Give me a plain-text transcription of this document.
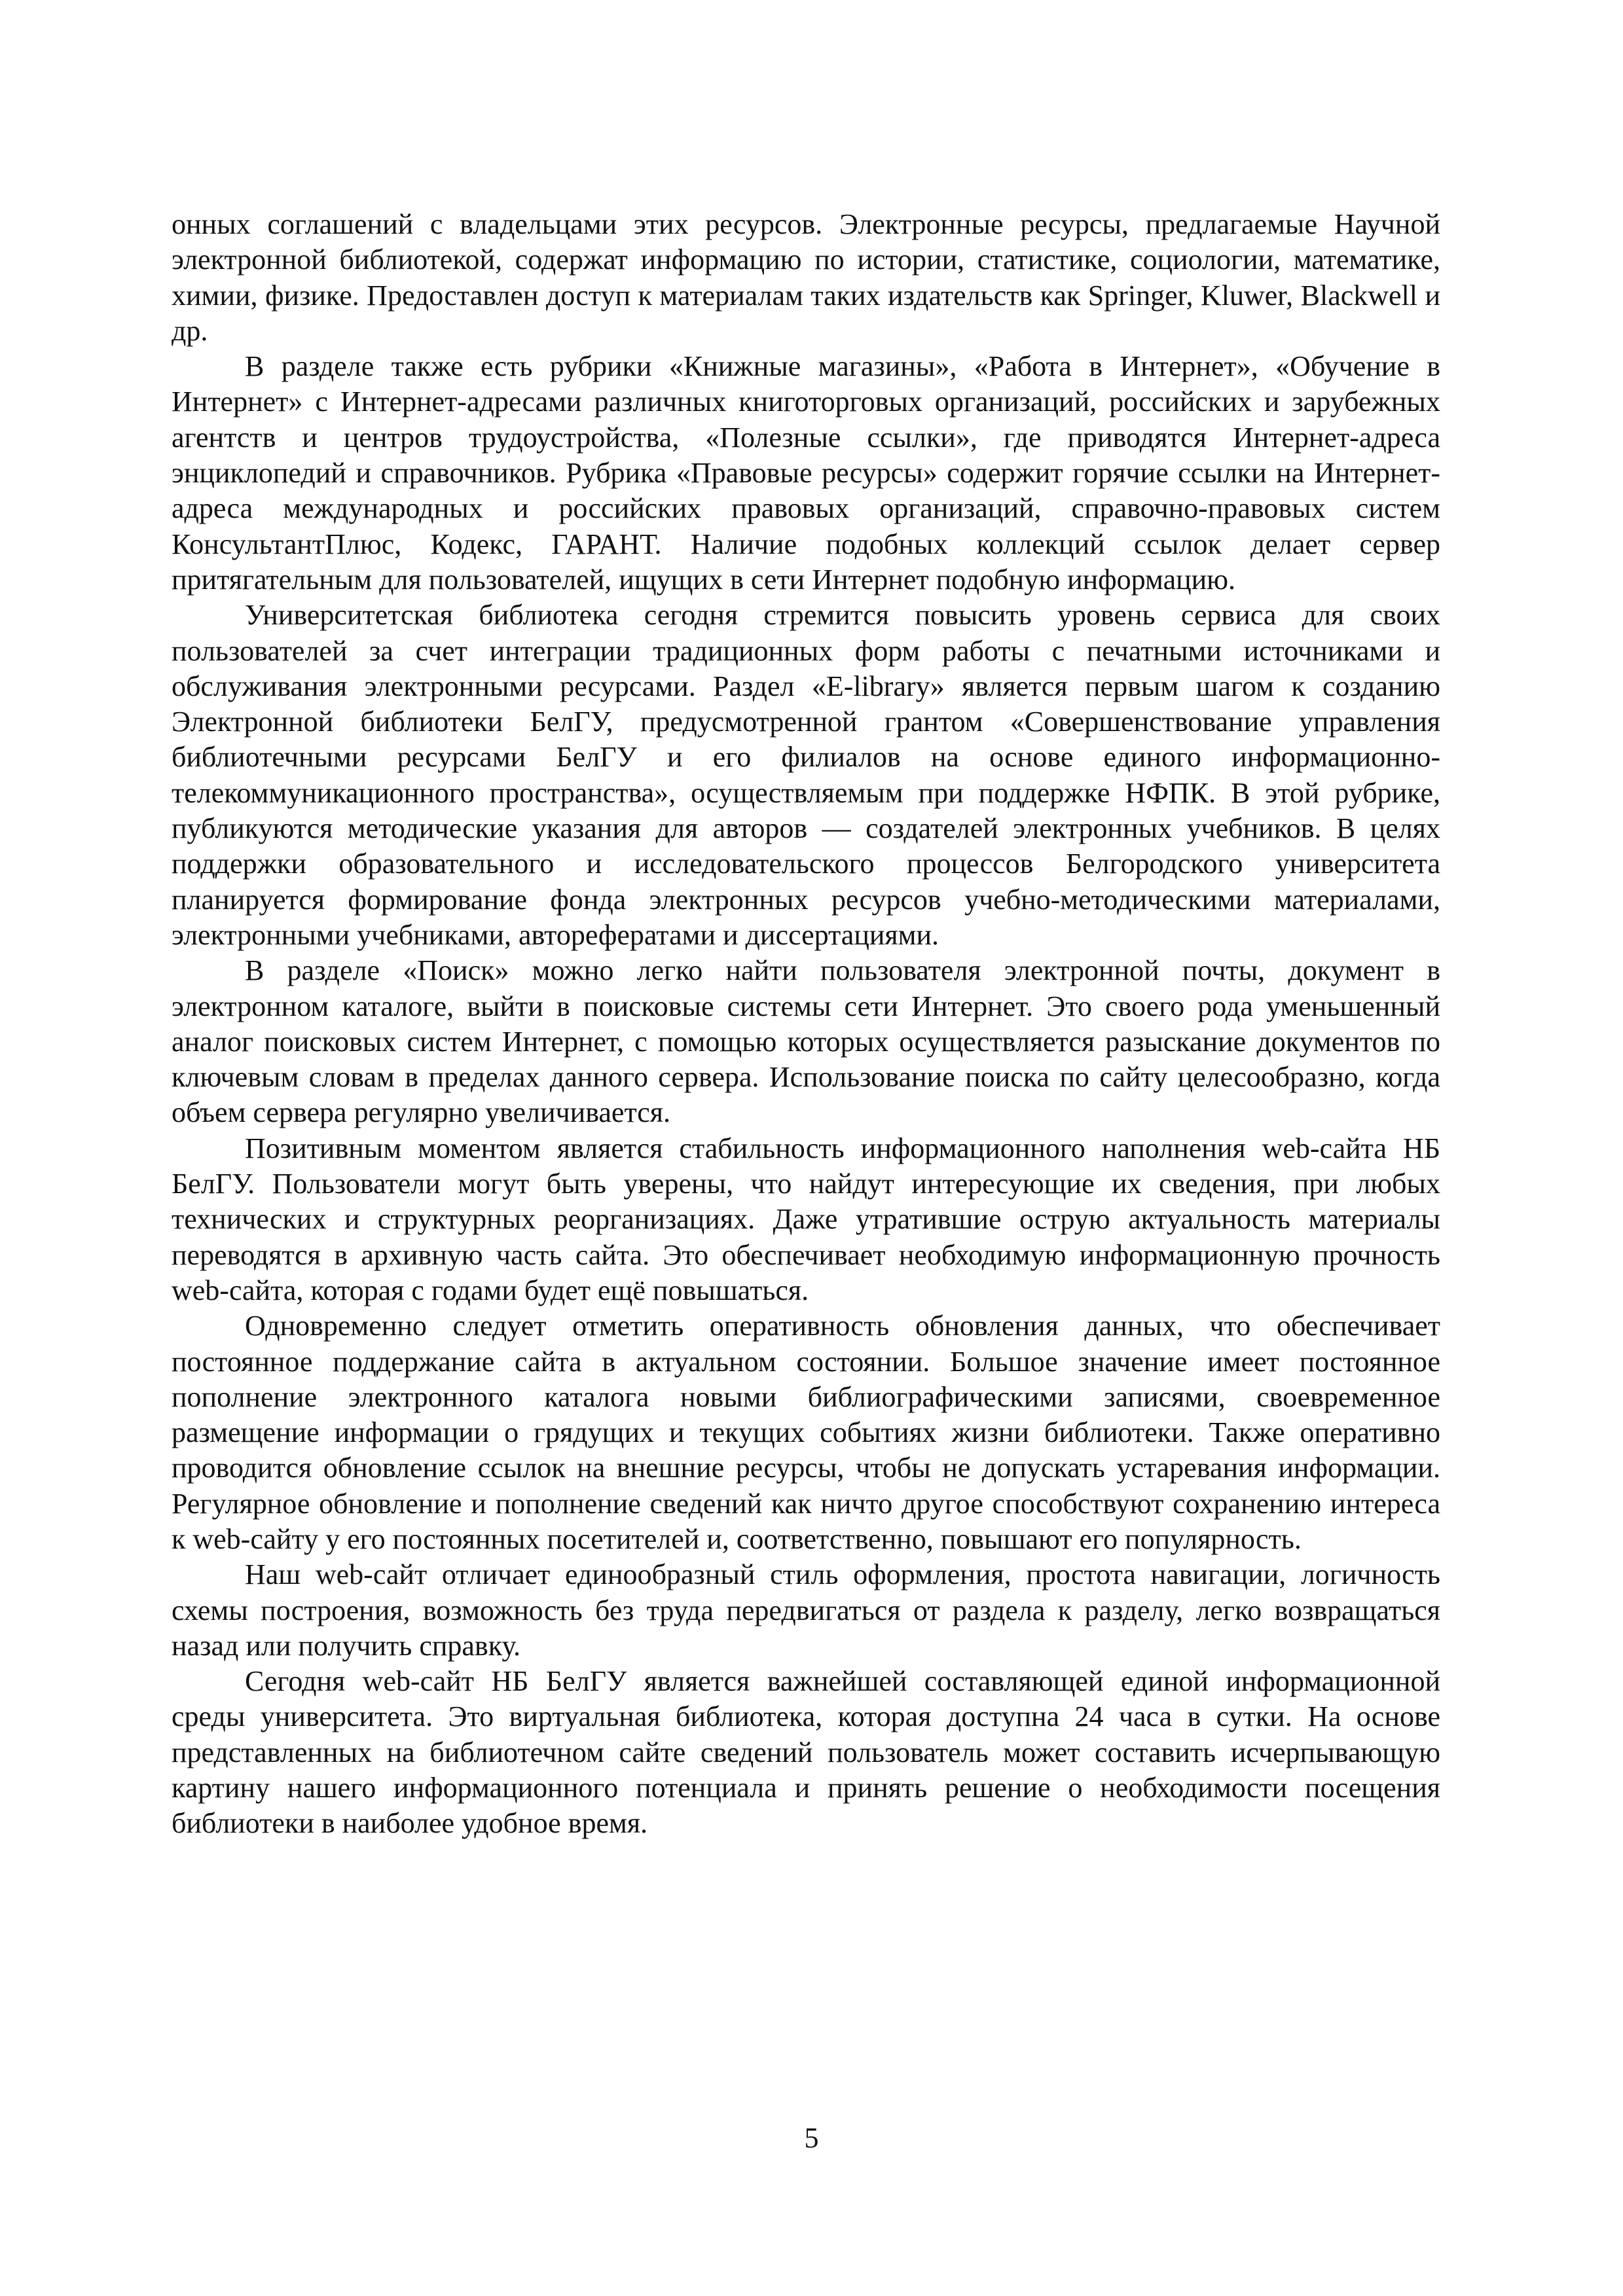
онных соглашений с владельцами этих ресурсов. Электронные ресурсы, предлагаемые Научной электронной библиотекой, содержат информацию по истории, статистике, социологии, математике, химии, физике. Предоставлен доступ к материалам таких издательств как Springer, Kluwer, Blackwell и др.

В разделе также есть рубрики «Книжные магазины», «Работа в Интернет», «Обучение в Интернет» с Интернет-адресами различных книготорговых организаций, российских и зарубежных агентств и центров трудоустройства, «Полезные ссылки», где приводятся Интернет-адреса энциклопедий и справочников. Рубрика «Правовые ресурсы» содержит горячие ссылки на Интернет-адреса международных и российских правовых организаций, справочно-правовых систем КонсультантПлюс, Кодекс, ГАРАНТ. Наличие подобных коллекций ссылок делает сервер притягательным для пользователей, ищущих в сети Интернет подобную информацию.

Университетская библиотека сегодня стремится повысить уровень сервиса для своих пользователей за счет интеграции традиционных форм работы с печатными источниками и обслуживания электронными ресурсами. Раздел «E-library» является первым шагом к созданию Электронной библиотеки БелГУ, предусмотренной грантом «Совершенствование управления библиотечными ресурсами БелГУ и его филиалов на основе единого информационно-телекоммуникационного пространства», осуществляемым при поддержке НФПК. В этой рубрике, публикуются методические указания для авторов — создателей электронных учебников. В целях поддержки образовательного и исследовательского процессов Белгородского университета планируется формирование фонда электронных ресурсов учебно-методическими материалами, электронными учебниками, авторефератами и диссертациями.

В разделе «Поиск» можно легко найти пользователя электронной почты, документ в электронном каталоге, выйти в поисковые системы сети Интернет. Это своего рода уменьшенный аналог поисковых систем Интернет, с помощью которых осуществляется разыскание документов по ключевым словам в пределах данного сервера. Использование поиска по сайту целесообразно, когда объем сервера регулярно увеличивается.

Позитивным моментом является стабильность информационного наполнения web-сайта НБ БелГУ. Пользователи могут быть уверены, что найдут интересующие их сведения, при любых технических и структурных реорганизациях. Даже утратившие острую актуальность материалы переводятся в архивную часть сайта. Это обеспечивает необходимую информационную прочность web-сайта, которая с годами будет ещё повышаться.

Одновременно следует отметить оперативность обновления данных, что обеспечивает постоянное поддержание сайта в актуальном состоянии. Большое значение имеет постоянное пополнение электронного каталога новыми библиографическими записями, своевременное размещение информации о грядущих и текущих событиях жизни библиотеки. Также оперативно проводится обновление ссылок на внешние ресурсы, чтобы не допускать устаревания информации. Регулярное обновление и пополнение сведений как ничто другое способствуют сохранению интереса к web-сайту у его постоянных посетителей и, соответственно, повышают его популярность.

Наш web-сайт отличает единообразный стиль оформления, простота навигации, логичность схемы построения, возможность без труда передвигаться от раздела к разделу, легко возвращаться назад или получить справку.

Сегодня web-сайт НБ БелГУ является важнейшей составляющей единой информационной среды университета. Это виртуальная библиотека, которая доступна 24 часа в сутки. На основе представленных на библиотечном сайте сведений пользователь может составить исчерпывающую картину нашего информационного потенциала и принять решение о необходимости посещения библиотеки в наиболее удобное время.

5
